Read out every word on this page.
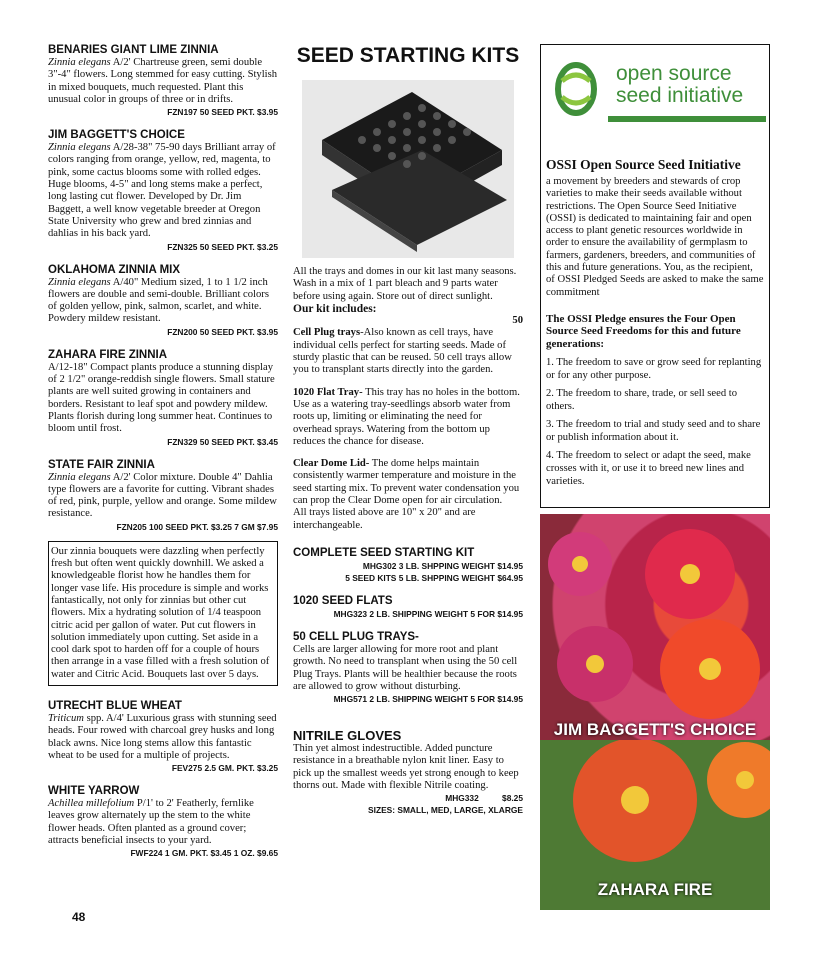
BENARIES GIANT LIME ZINNIA

Zinnia elegans A/2' Chartreuse green, semi double 3"-4" flowers. Long stemmed for easy cutting. Stylish in mixed bouquets, much requested. Plant this unusual color in groups of three or in drifts.

FZN197 50 SEED PKT. $3.95

JIM BAGGETT'S CHOICE

Zinnia elegans A/28-38" 75-90 days Brilliant array of colors ranging from orange, yellow, red, magenta, to pink, some cactus blooms some with rolled edges. Huge blooms, 4-5" and long stems make a perfect, long lasting cut flower. Developed by Dr. Jim Baggett, a well know vegetable breeder at Oregon State University who grew and bred zinnias and dahlias in his back yard.

FZN325 50 SEED PKT. $3.25

OKLAHOMA ZINNIA MIX

Zinnia elegans A/40" Medium sized, 1 to 1 1/2 inch flowers are double and semi-double. Brilliant colors of golden yellow, pink, salmon, scarlet, and white. Powdery mildew resistant.

FZN200 50 SEED PKT. $3.95

ZAHARA FIRE ZINNIA

A/12-18" Compact plants produce a stunning display of 2 1/2" orange-reddish single flowers. Small stature plants are well suited growing in containers and borders. Resistant to leaf spot and powdery mildew. Plants florish during long summer heat. Continues to bloom until frost.

FZN329 50 SEED PKT. $3.45

STATE FAIR ZINNIA

Zinnia elegans A/2' Color mixture. Double 4" Dahlia type flowers are a favorite for cutting. Vibrant shades of red, pink, purple, yellow and orange. Some mildew resistance.

FZN205 100 SEED PKT. $3.25 7 GM $7.95

Our zinnia bouquets were dazzling when perfectly fresh but often went quickly downhill. We asked a knowledgeable florist how he handles them for longer vase life. His procedure is simple and works fantastically, not only for zinnias but other cut flowers. Mix a hydrating solution of 1/4 teaspoon citric acid per gallon of water. Put cut flowers in solution immediately upon cutting. Set aside in a cool dark spot to harden off for a couple of hours then arrange in a vase filled with a fresh solution of water and Citric Acid. Bouquets last over 5 days.

UTRECHT BLUE WHEAT

Triticum spp. A/4' Luxurious grass with stunning seed heads. Four rowed with charcoal grey husks and long black awns. Nice long stems allow this fantastic wheat to be used for a multiple of projects.

FEV275 2.5 GM. PKT. $3.25

WHITE YARROW

Achillea millefolium P/1' to 2' Featherly, fernlike leaves grow alternately up the stem to the white flower heads. Often planted as a ground cover; attracts beneficial insects to your yard.

FWF224 1 GM. PKT. $3.45 1 OZ. $9.65

48

SEED STARTING KITS

All the trays and domes in our kit last many seasons. Wash in a mix of 1 part bleach and 9 parts water before using again. Store out of direct sunlight.

Our kit includes:

50

Cell Plug trays-Also known as cell trays, have individual cells perfect for starting seeds. Made of sturdy plastic that can be reused. 50 cell trays allow you to transplant starts directly into the garden.

1020 Flat Tray- This tray has no holes in the bottom. Use as a watering tray-seedlings absorb water from roots up, limiting or eliminating the need for overhead sprays. Watering from the bottom up reduces the chance for disease.

Clear Dome Lid- The dome helps maintain consistently warmer temperature and moisture in the seed starting mix. To prevent water condensation you can prop the Clear Dome open for air circulation.

All trays listed above are 10" x 20" and are interchangeable.

COMPLETE SEED STARTING KIT

MHG302 3 LB. SHPPING WEIGHT $14.95

5 SEED KITS 5 LB. SHPPING WEIGHT $64.95

1020 SEED FLATS

MHG323 2 LB. SHIPPING WEIGHT 5 FOR $14.95

50 CELL PLUG TRAYS-

Cells are larger allowing for more root and plant growth. No need to transplant when using the 50 cell Plug Trays. Plants will be healthier because the roots are allowed to grow without disturbing.

MHG571 2 LB. SHIPPING WEIGHT 5 FOR $14.95

NITRILE GLOVES

Thin yet almost indestructible. Added puncture resistance in a breathable nylon knit liner. Easy to pick up the smallest weeds yet strong enough to keep thorns out. Made with flexible Nitrile coating.

MHG332	$8.25

SIZES: SMALL, MED, LARGE, XLARGE

open source
seed initiative

OSSI Open Source Seed Initiative

a movement by breeders and stewards of crop varieties to make their seeds available without restrictions. The Open Source Seed Initiative (OSSI) is dedicated to maintaining fair and open access to plant genetic resources worldwide in order to ensure the availability of germplasm to farmers, gardeners, breeders, and communities of this and future generations. You, as the recipient, of OSSI Pledged Seeds are asked to make the same commitment

The OSSI Pledge ensures the Four Open Source Seed Freedoms for this and future generations:

1. The freedom to save or grow seed for replanting or for any other purpose.

2. The freedom to share, trade, or sell seed to others.

3. The freedom to trial and study seed and to share or publish information about it.

4. The freedom to select or adapt the seed, make crosses with it, or use it to breed new lines and varieties.

JIM BAGGETT'S CHOICE
ZAHARA FIRE
